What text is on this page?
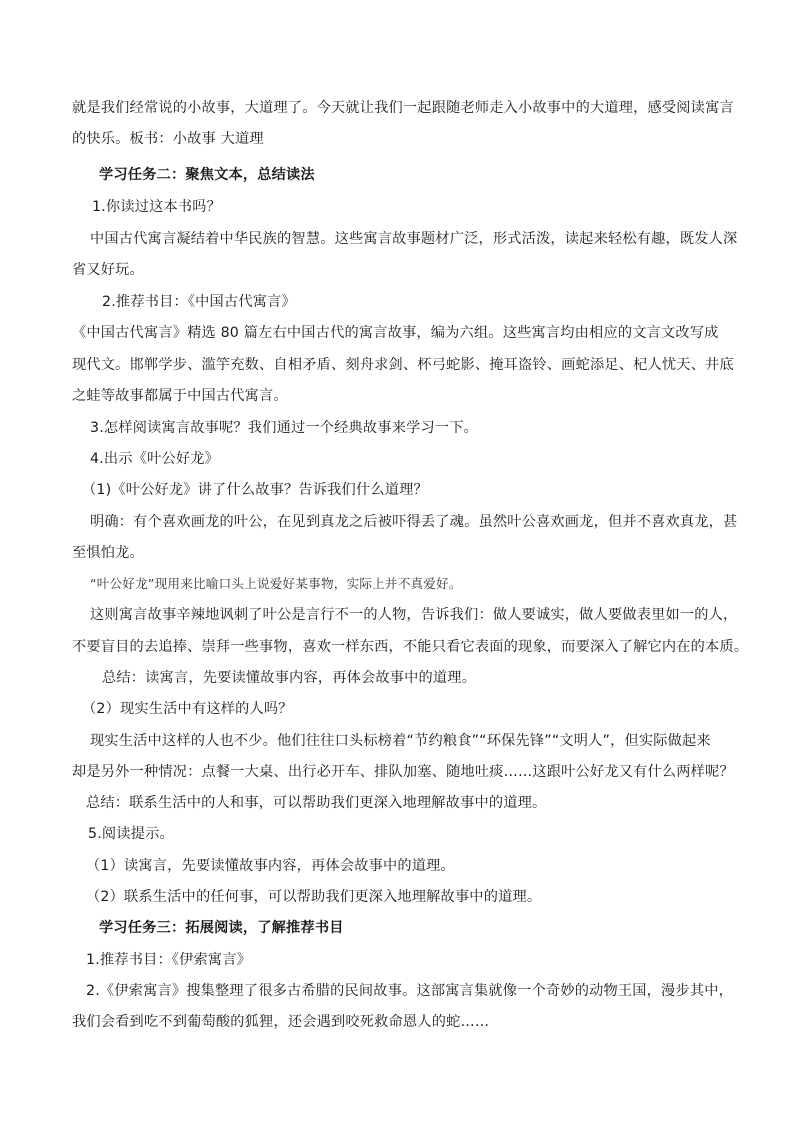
就是我们经常说的小故事，大道理了。今天就让我们一起跟随老师走入小故事中的大道理，感受阅读寓言
的快乐。板书：小故事 大道理
学习任务二：聚焦文本，总结读法
1.你读过这本书吗？
中国古代寓言凝结着中华民族的智慧。这些寓言故事题材广泛，形式活泼，读起来轻松有趣，既发人深
省又好玩。
2.推荐书目：《中国古代寓言》
《中国古代寓言》精选 80 篇左右中国古代的寓言故事，编为六组。这些寓言均由相应的文言文改写成
现代文。邯郸学步、滥竽充数、自相矛盾、刻舟求剑、杯弓蛇影、掩耳盗铃、画蛇添足、杞人忧天、井底
之蛙等故事都属于中国古代寓言。
3.怎样阅读寓言故事呢？我们通过一个经典故事来学习一下。
4.出示《叶公好龙》
（1)《叶公好龙》讲了什么故事？告诉我们什么道理？
明确：有个喜欢画龙的叶公，在见到真龙之后被吓得丢了魂。虽然叶公喜欢画龙，但并不喜欢真龙，甚
至惧怕龙。
“叶公好龙”现用来比喻口头上说爱好某事物，实际上并不真爱好。
这则寓言故事辛辣地讽刺了叶公是言行不一的人物，告诉我们：做人要诚实，做人要做表里如一的人，
不要盲目的去追捧、崇拜一些事物，喜欢一样东西，不能只看它表面的现象，而要深入了解它内在的本质。
总结：读寓言，先要读懂故事内容，再体会故事中的道理。
（2）现实生活中有这样的人吗？
现实生活中这样的人也不少。他们往往口头标榜着“节约粮食”“环保先锋”“文明人”，但实际做起来
却是另外一种情况：点餐一大桌、出行必开车、排队加塞、随地吐痰……这跟叶公好龙又有什么两样呢？
总结：联系生活中的人和事，可以帮助我们更深入地理解故事中的道理。
5.阅读提示。
（1）读寓言，先要读懂故事内容，再体会故事中的道理。
（2）联系生活中的任何事，可以帮助我们更深入地理解故事中的道理。
学习任务三：拓展阅读，了解推荐书目
1.推荐书目：《伊索寓言》
2.《伊索寓言》搜集整理了很多古希腊的民间故事。这部寓言集就像一个奇妙的动物王国，漫步其中，
我们会看到吃不到葡萄酸的狐狸，还会遇到咬死救命恩人的蛇……
